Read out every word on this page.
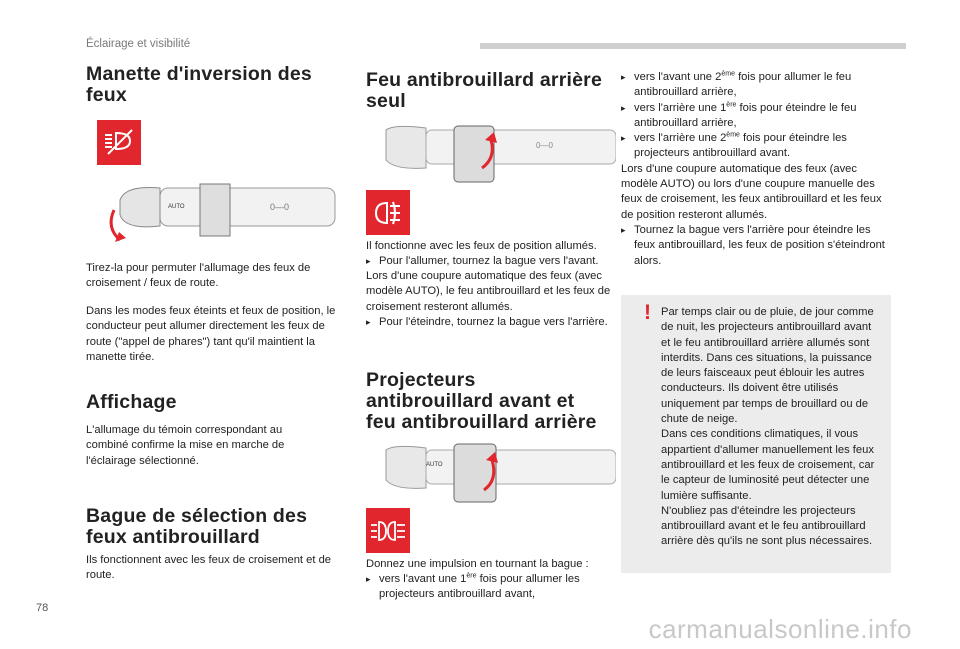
Éclairage et visibilité
Manette d'inversion des feux
0—0
AUTO

Tirez-la pour permuter l'allumage des feux de croisement / feux de route.

Dans les modes feux éteints et feux de position, le conducteur peut allumer directement les feux de route ("appel de phares") tant qu'il maintient la manette tirée.

Affichage

L'allumage du témoin correspondant au combiné confirme la mise en marche de l'éclairage sélectionné.

Bague de sélection des feux antibrouillard

Ils fonctionnent avec les feux de croisement et de route.

Feu antibrouillard arrière seul
0—0

Il fonctionne avec les feux de position allumés.

▸ Pour l'allumer, tournez la bague vers l'avant.

Lors d'une coupure automatique des feux (avec modèle AUTO), le feu antibrouillard et les feux de croisement resteront allumés.

▸ Pour l'éteindre, tournez la bague vers l'arrière.

Projecteurs antibrouillard avant et feu antibrouillard arrière
AUTO

Donnez une impulsion en tournant la bague :

▸ vers l'avant une 1ère fois pour allumer les projecteurs antibrouillard avant,

▸ vers l'avant une 2ème fois pour allumer le feu antibrouillard arrière,

▸ vers l'arrière une 1ère fois pour éteindre le feu antibrouillard arrière,

▸ vers l'arrière une 2ème fois pour éteindre les projecteurs antibrouillard avant.

Lors d'une coupure automatique des feux (avec modèle AUTO) ou lors d'une coupure manuelle des feux de croisement, les feux antibrouillard et les feux de position resteront allumés.

▸ Tournez la bague vers l'arrière pour éteindre les feux antibrouillard, les feux de position s'éteindront alors.

! Par temps clair ou de pluie, de jour comme de nuit, les projecteurs antibrouillard avant et le feu antibrouillard arrière allumés sont interdits. Dans ces situations, la puissance de leurs faisceaux peut éblouir les autres conducteurs. Ils doivent être utilisés uniquement par temps de brouillard ou de chute de neige.

Dans ces conditions climatiques, il vous appartient d'allumer manuellement les feux antibrouillard et les feux de croisement, car le capteur de luminosité peut détecter une lumière suffisante.

N'oubliez pas d'éteindre les projecteurs antibrouillard avant et le feu antibrouillard arrière dès qu'ils ne sont plus nécessaires.

78
carmanualsonline.info
